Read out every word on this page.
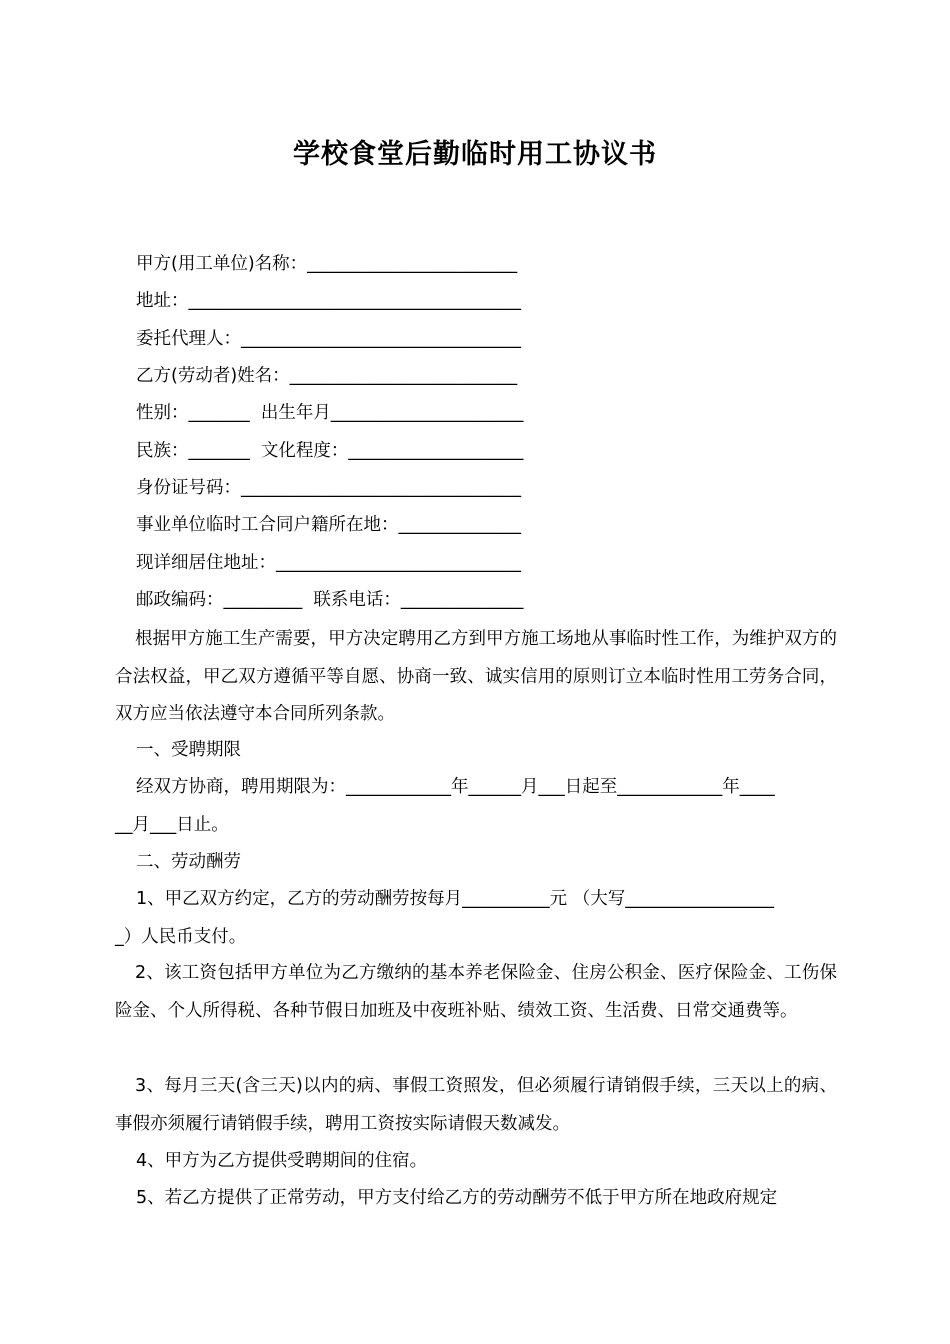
学校食堂后勤临时用工协议书
甲方(用工单位)名称：________________________
地址：______________________________________
委托代理人：________________________________
乙方(劳动者)姓名：__________________________
性别：_______  出生年月______________________
民族：_______  文化程度：____________________
身份证号码：________________________________
事业单位临时工合同户籍所在地：______________
现详细居住地址：____________________________
邮政编码：_________  联系电话：______________
根据甲方施工生产需要，甲方决定聘用乙方到甲方施工场地从事临时性工作，为维护双方的合法权益，甲乙双方遵循平等自愿、协商一致、诚实信用的原则订立本临时性用工劳务合同，双方应当依法遵守本合同所列条款。
一、受聘期限
经双方协商，聘用期限为：____________年______月___日起至____________年____
__月___日止。
二、劳动酬劳
1、甲乙双方约定，乙方的劳动酬劳按每月__________元 （大写_________________
_）人民币支付。
2、该工资包括甲方单位为乙方缴纳的基本养老保险金、住房公积金、医疗保险金、工伤保险金、个人所得税、各种节假日加班及中夜班补贴、绩效工资、生活费、日常交通费等。
3、每月三天(含三天)以内的病、事假工资照发，但必须履行请销假手续，三天以上的病、事假亦须履行请销假手续，聘用工资按实际请假天数减发。
4、甲方为乙方提供受聘期间的住宿。
5、若乙方提供了正常劳动，甲方支付给乙方的劳动酬劳不低于甲方所在地政府规定
